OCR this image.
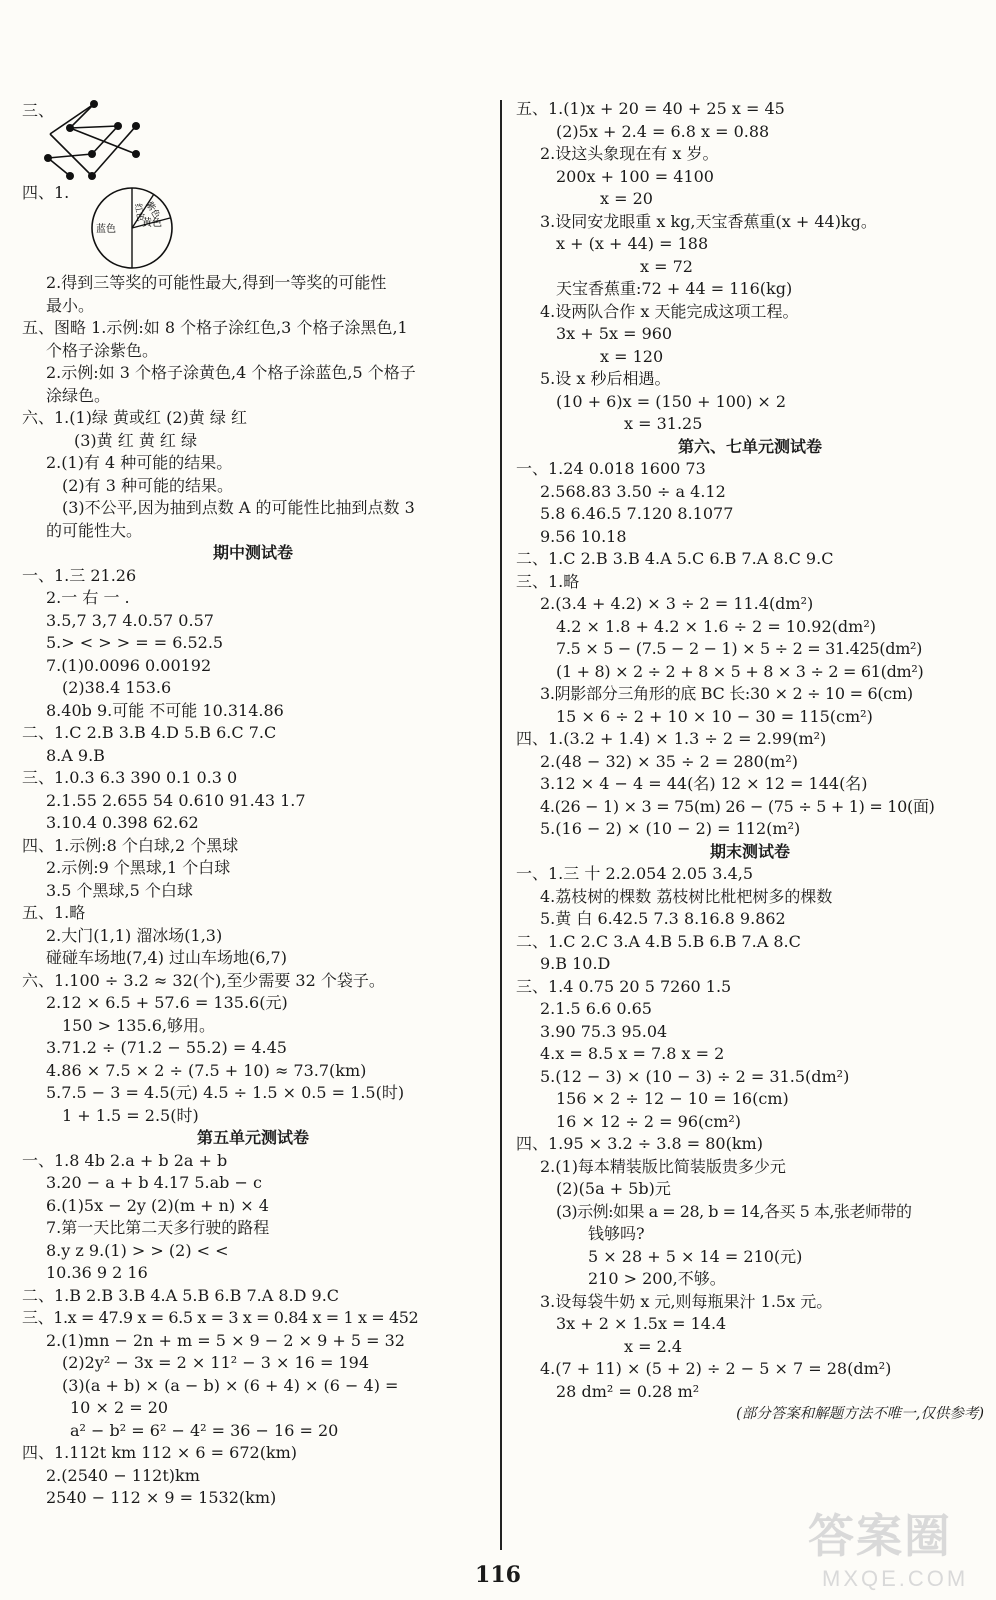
三、
四、1.
红色
紫色
黄色
蓝色
2.得到三等奖的可能性最大,得到一等奖的可能性
最小。
五、图略 1.示例:如 8 个格子涂红色,3 个格子涂黑色,1
个格子涂紫色。
2.示例:如 3 个格子涂黄色,4 个格子涂蓝色,5 个格子
涂绿色。
六、1.(1)绿 黄或红 (2)黄 绿 红
(3)黄 红 黄 红 绿
2.(1)有 4 种可能的结果。
(2)有 3 种可能的结果。
(3)不公平,因为抽到点数 A 的可能性比抽到点数 3
的可能性大。
期中测试卷
一、1.三 21.26
2.一 右 一 .
3.5,7 3,7 4.0.57 0.57
5.> < > > = = 6.52.5
7.(1)0.0096 0.00192
(2)38.4 153.6
8.40b 9.可能 不可能 10.314.86
二、1.C 2.B 3.B 4.D 5.B 6.C 7.C
8.A 9.B
三、1.0.3 6.3 390 0.1 0.3 0
2.1.55 2.655 54 0.610 91.43 1.7
3.10.4 0.398 62.62
四、1.示例:8 个白球,2 个黑球
2.示例:9 个黑球,1 个白球
3.5 个黑球,5 个白球
五、1.略
2.大门(1,1) 溜冰场(1,3)
碰碰车场地(7,4) 过山车场地(6,7)
六、1.100 ÷ 3.2 ≈ 32(个),至少需要 32 个袋子。
2.12 × 6.5 + 57.6 = 135.6(元)
150 > 135.6,够用。
3.71.2 ÷ (71.2 − 55.2) = 4.45
4.86 × 7.5 × 2 ÷ (7.5 + 10) ≈ 73.7(km)
5.7.5 − 3 = 4.5(元) 4.5 ÷ 1.5 × 0.5 = 1.5(时)
1 + 1.5 = 2.5(时)
第五单元测试卷
一、1.8 4b 2.a + b 2a + b
3.20 − a + b 4.17 5.ab − c
6.(1)5x − 2y (2)(m + n) × 4
7.第一天比第二天多行驶的路程
8.y z 9.(1) > > (2) < <
10.36 9 2 16
二、1.B 2.B 3.B 4.A 5.B 6.B 7.A 8.D 9.C
三、1.x = 47.9 x = 6.5 x = 3 x = 0.84 x = 1 x = 452
2.(1)mn − 2n + m = 5 × 9 − 2 × 9 + 5 = 32
(2)2y² − 3x = 2 × 11² − 3 × 16 = 194
(3)(a + b) × (a − b) × (6 + 4) × (6 − 4) =
10 × 2 = 20
a² − b² = 6² − 4² = 36 − 16 = 20
四、1.112t km 112 × 6 = 672(km)
2.(2540 − 112t)km
2540 − 112 × 9 = 1532(km)
五、1.(1)x + 20 = 40 + 25 x = 45
(2)5x + 2.4 = 6.8 x = 0.88
2.设这头象现在有 x 岁。
200x + 100 = 4100
x = 20
3.设同安龙眼重 x kg,天宝香蕉重(x + 44)kg。
x + (x + 44) = 188
x = 72
天宝香蕉重:72 + 44 = 116(kg)
4.设两队合作 x 天能完成这项工程。
3x + 5x = 960
x = 120
5.设 x 秒后相遇。
(10 + 6)x = (150 + 100) × 2
x = 31.25
第六、七单元测试卷
一、1.24 0.018 1600 73
2.568.83 3.50 ÷ a 4.12
5.8 6.46.5 7.120 8.1077
9.56 10.18
二、1.C 2.B 3.B 4.A 5.C 6.B 7.A 8.C 9.C
三、1.略
2.(3.4 + 4.2) × 3 ÷ 2 = 11.4(dm²)
4.2 × 1.8 + 4.2 × 1.6 ÷ 2 = 10.92(dm²)
7.5 × 5 − (7.5 − 2 − 1) × 5 ÷ 2 = 31.425(dm²)
(1 + 8) × 2 ÷ 2 + 8 × 5 + 8 × 3 ÷ 2 = 61(dm²)
3.阴影部分三角形的底 BC 长:30 × 2 ÷ 10 = 6(cm)
15 × 6 ÷ 2 + 10 × 10 − 30 = 115(cm²)
四、1.(3.2 + 1.4) × 1.3 ÷ 2 = 2.99(m²)
2.(48 − 32) × 35 ÷ 2 = 280(m²)
3.12 × 4 − 4 = 44(名) 12 × 12 = 144(名)
4.(26 − 1) × 3 = 75(m) 26 − (75 ÷ 5 + 1) = 10(面)
5.(16 − 2) × (10 − 2) = 112(m²)
期末测试卷
一、1.三 十 2.2.054 2.05 3.4,5
4.荔枝树的棵数 荔枝树比枇杷树多的棵数
5.黄 白 6.42.5 7.3 8.16.8 9.862
二、1.C 2.C 3.A 4.B 5.B 6.B 7.A 8.C
9.B 10.D
三、1.4 0.75 20 5 7260 1.5
2.1.5 6.6 0.65
3.90 75.3 95.04
4.x = 8.5 x = 7.8 x = 2
5.(12 − 3) × (10 − 3) ÷ 2 = 31.5(dm²)
156 × 2 ÷ 12 − 10 = 16(cm)
16 × 12 ÷ 2 = 96(cm²)
四、1.95 × 3.2 ÷ 3.8 = 80(km)
2.(1)每本精装版比简装版贵多少元
(2)(5a + 5b)元
(3)示例:如果 a = 28, b = 14,各买 5 本,张老师带的
钱够吗?
5 × 28 + 5 × 14 = 210(元)
210 > 200,不够。
3.设每袋牛奶 x 元,则每瓶果汁 1.5x 元。
3x + 2 × 1.5x = 14.4
x = 2.4
4.(7 + 11) × (5 + 2) ÷ 2 − 5 × 7 = 28(dm²)
28 dm² = 0.28 m²
(部分答案和解题方法不唯一,仅供参考)
116
答案圈
MXQE.COM
